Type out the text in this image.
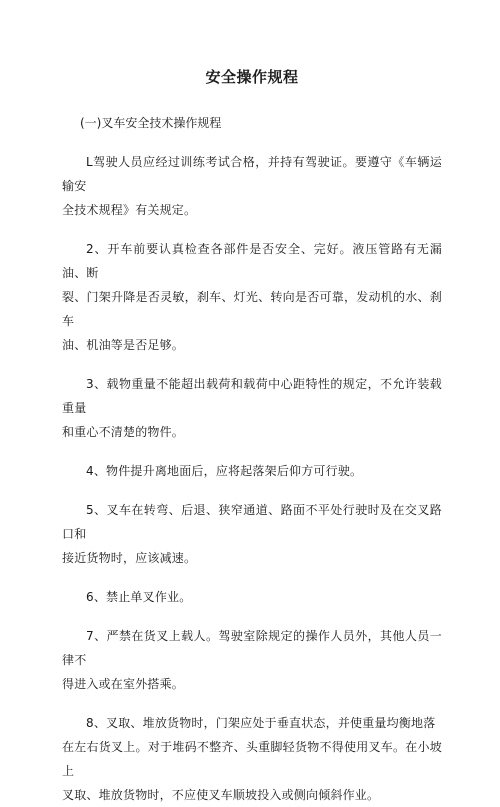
安全操作规程
(一)叉车安全技术操作规程
L驾驶人员应经过训练考试合格，并持有驾驶证。要遵守《车辆运输安
全技术规程》有关规定。
2、开车前要认真检查各部件是否安全、完好。液压管路有无漏油、断
裂、门架升降是否灵敏，刹车、灯光、转向是否可靠，发动机的水、刹车
油、机油等是否足够。
3、载物重量不能超出载荷和载荷中心距特性的规定，不允许装载重量
和重心不清楚的物件。
4、物件提升离地面后，应将起落架后仰方可行驶。
5、叉车在转弯、后退、狭窄通道、路面不平处行驶时及在交叉路口和
接近货物时，应该减速。
6、禁止单叉作业。
7、严禁在货叉上载人。驾驶室除规定的操作人员外，其他人员一律不
得进入或在室外搭乘。
8、叉取、堆放货物时，门架应处于垂直状态，并使重量均衡地落
在左右货叉上。对于堆码不整齐、头重脚轻货物不得使用叉车。在小坡上
叉取、堆放货物时，不应使叉车顺坡投入或侧向倾斜作业。
